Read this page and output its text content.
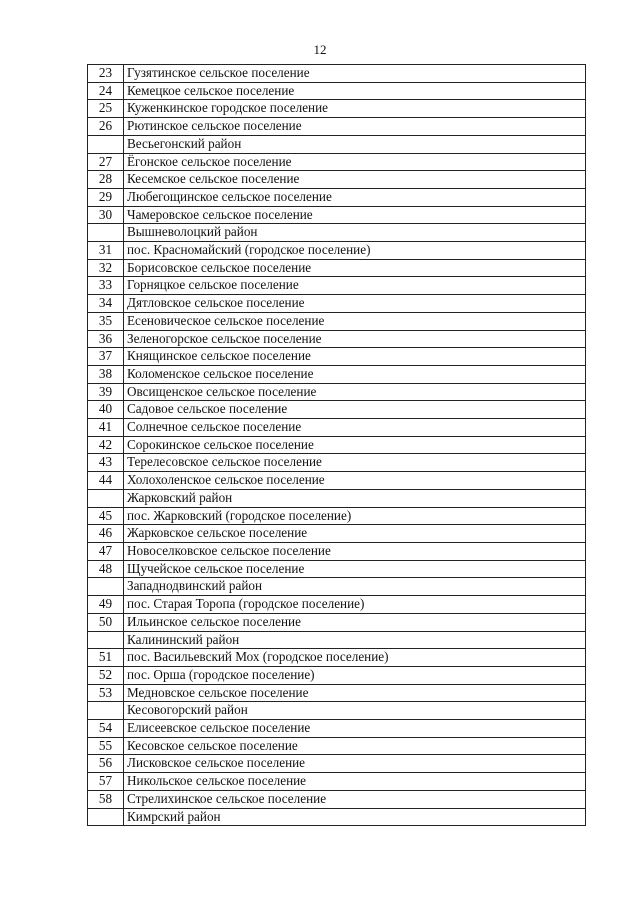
12
23	Гузятинское сельское поселение
24	Кемецкое сельское поселение
25	Куженкинское городское поселение
26	Рютинское сельское поселение
	Весьегонский район
27	Ёгонское сельское поселение
28	Кесемское сельское поселение
29	Любегощинское сельское поселение
30	Чамеровское сельское поселение
	Вышневолоцкий район
31	пос. Красномайский (городское поселение)
32	Борисовское сельское поселение
33	Горняцкое сельское поселение
34	Дятловское сельское поселение
35	Есеновическое сельское поселение
36	Зеленогорское сельское поселение
37	Княщинское сельское поселение
38	Коломенское сельское поселение
39	Овсищенское сельское поселение
40	Садовое сельское поселение
41	Солнечное сельское поселение
42	Сорокинское сельское поселение
43	Терелесовское сельское поселение
44	Холохоленское сельское поселение
	Жарковский район
45	пос. Жарковский (городское поселение)
46	Жарковское сельское поселение
47	Новоселковское сельское поселение
48	Щучейское сельское поселение
	Западнодвинский район
49	пос. Старая Торопа (городское поселение)
50	Ильинское сельское поселение
	Калининский район
51	пос. Васильевский Мох (городское поселение)
52	пос. Орша (городское поселение)
53	Медновское сельское поселение
	Кесовогорский район
54	Елисеевское сельское поселение
55	Кесовское сельское поселение
56	Лисковское сельское поселение
57	Никольское сельское поселение
58	Стрелихинское сельское поселение
	Кимрский район
